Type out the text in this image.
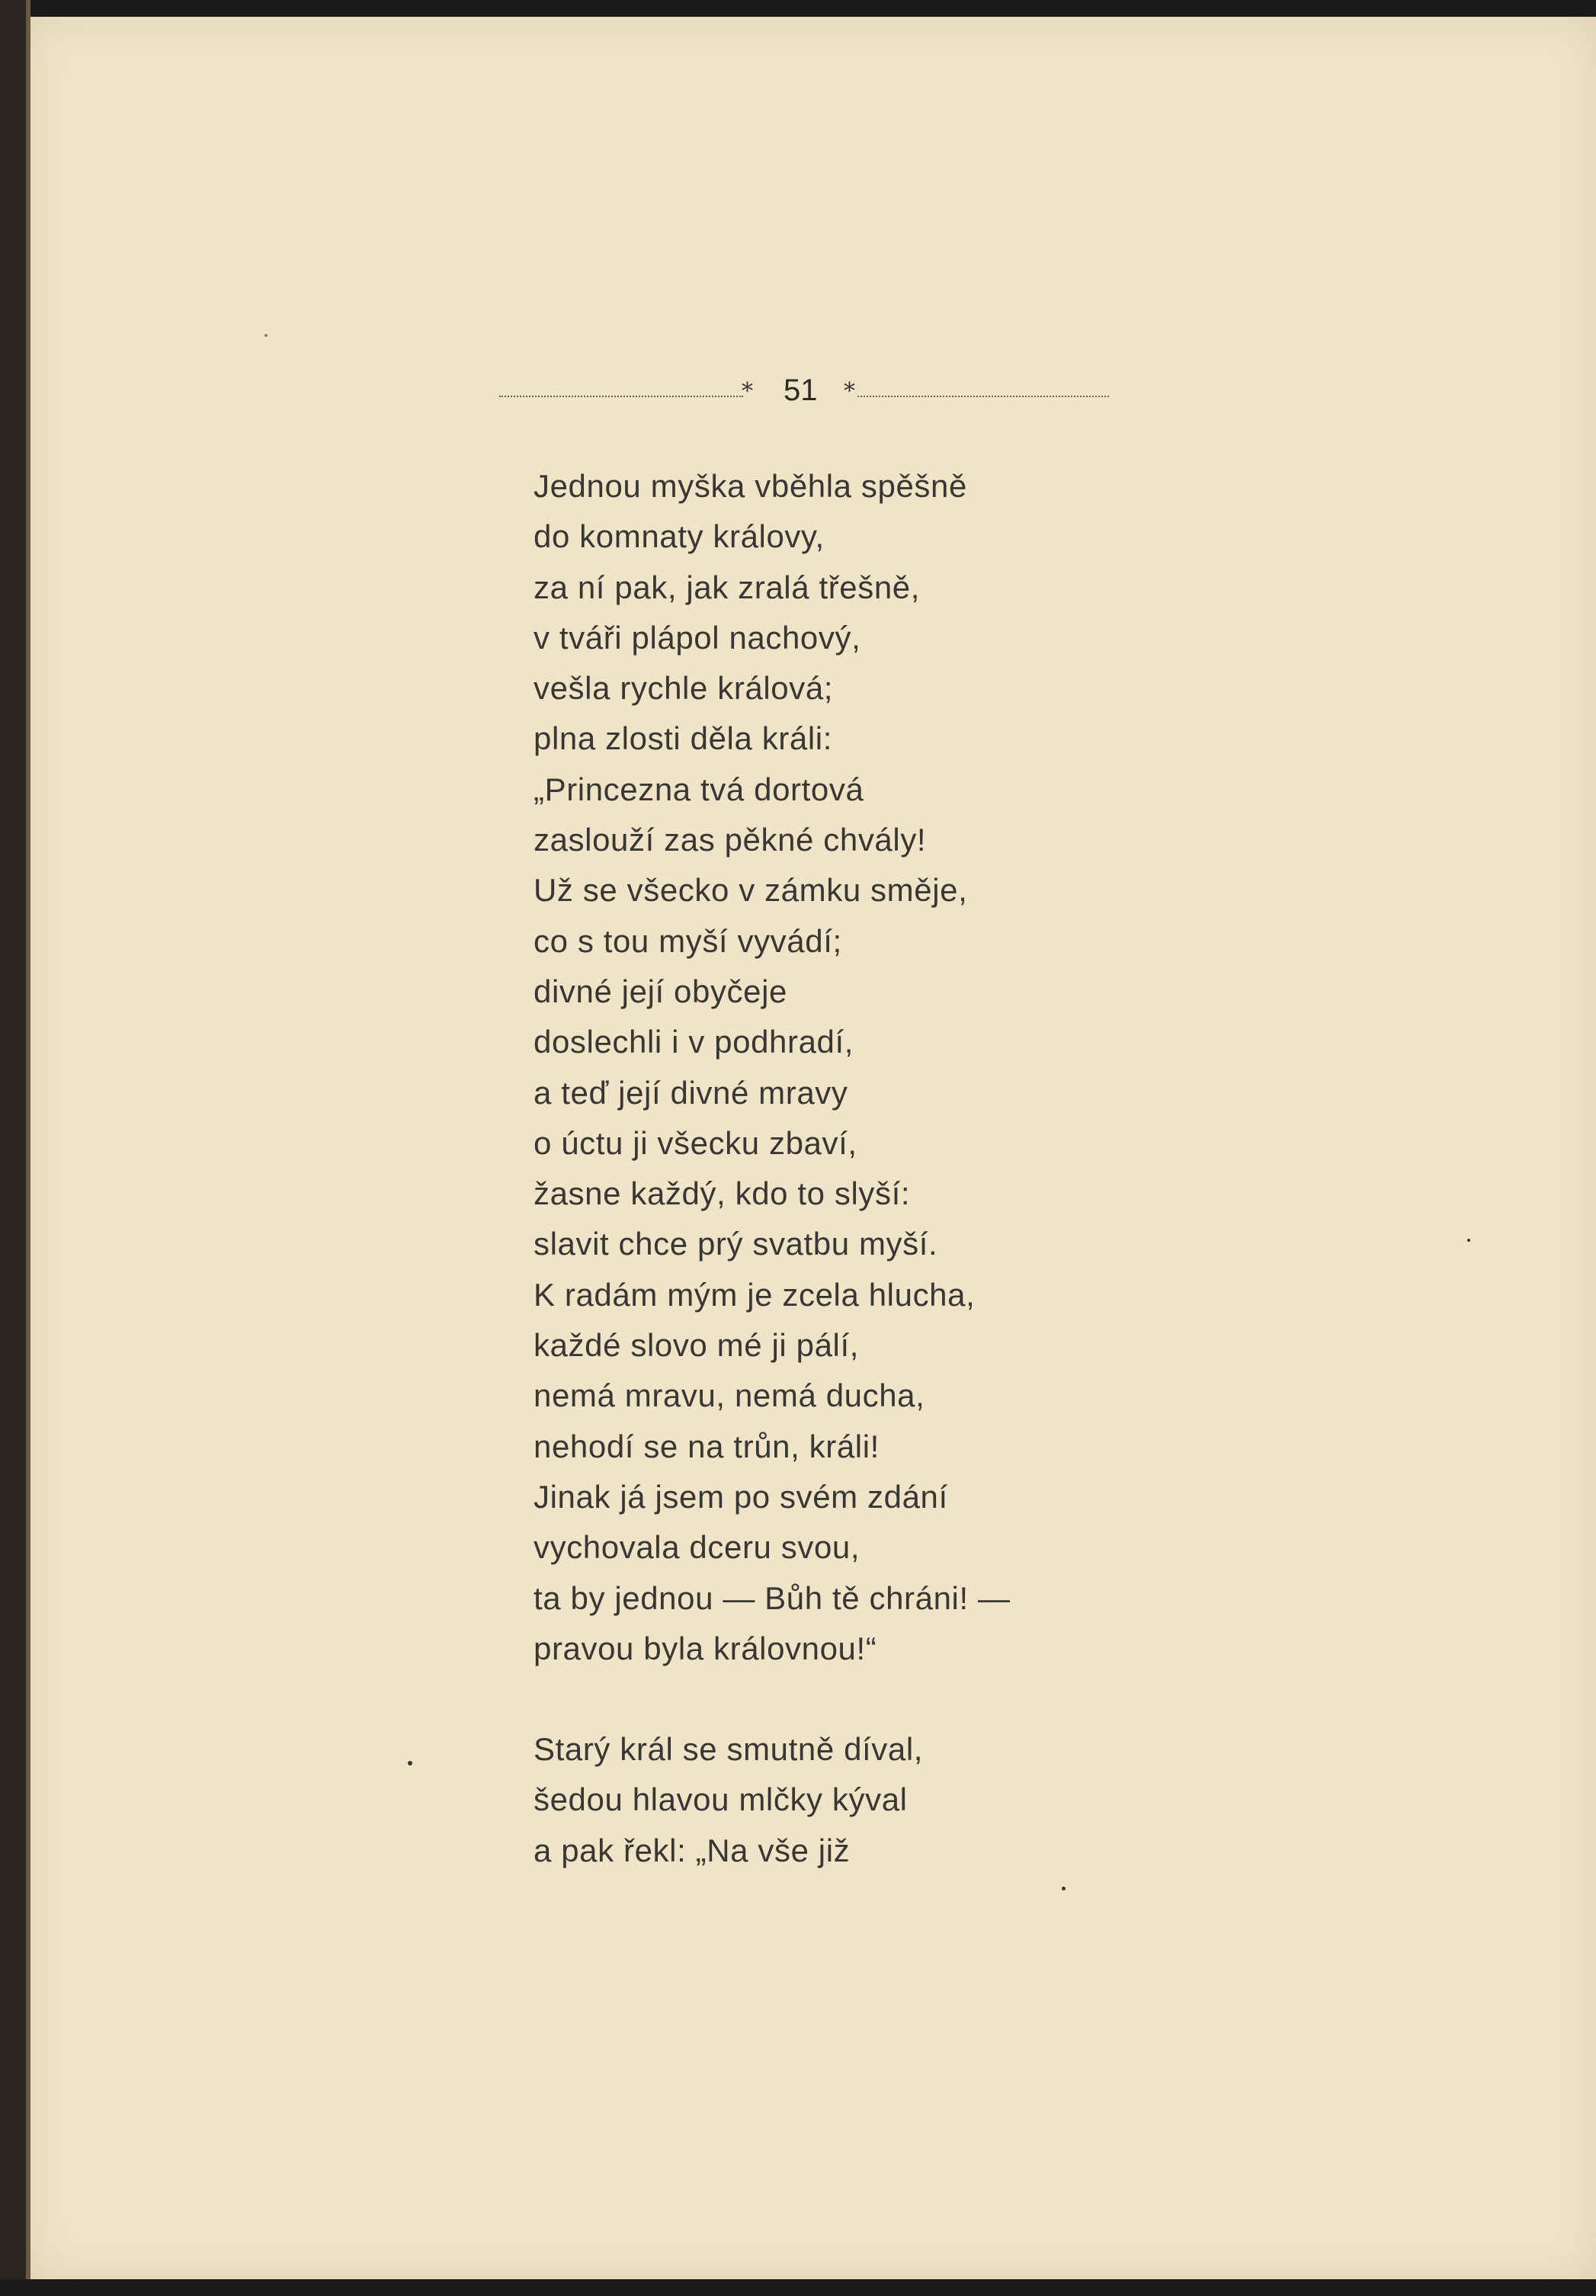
* 51 *
Jednou myška vběhla spěšně
do komnaty královy,
za ní pak, jak zralá třešně,
v tváři plápol nachový,
vešla rychle králová;
plna zlosti děla králi:
„Princezna tvá dortová
zaslouží zas pěkné chvály!
Už se všecko v zámku směje,
co s tou myší vyvádí;
divné její obyčeje
doslechli i v podhradí,
a teď její divné mravy
o úctu ji všecku zbaví,
žasne každý, kdo to slyší:
slavit chce prý svatbu myší.
K radám mým je zcela hlucha,
každé slovo mé ji pálí,
nemá mravu, nemá ducha,
nehodí se na trůn, králi!
Jinak já jsem po svém zdání
vychovala dceru svou,
ta by jednou — Bůh tě chráni! —
pravou byla královnou!“
Starý král se smutně díval,
šedou hlavou mlčky kýval
a pak řekl: „Na vše již
